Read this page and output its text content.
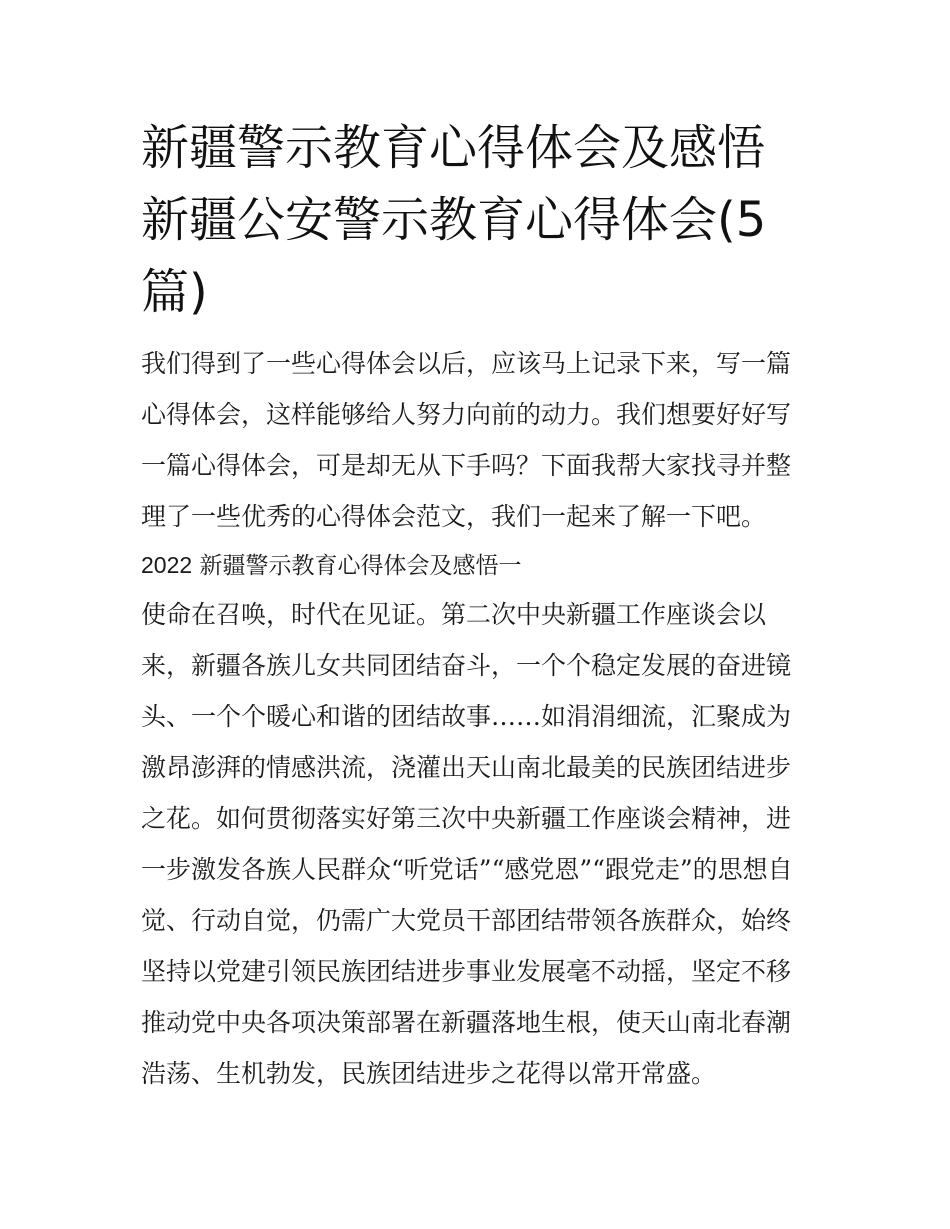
新疆警示教育心得体会及感悟
新疆公安警示教育心得体会(5
篇)

我们得到了一些心得体会以后，应该马上记录下来，写一篇心得体会，这样能够给人努力向前的动力。我们想要好好写一篇心得体会，可是却无从下手吗？下面我帮大家找寻并整理了一些优秀的心得体会范文，我们一起来了解一下吧。

2022 新疆警示教育心得体会及感悟一

使命在召唤，时代在见证。第二次中央新疆工作座谈会以来，新疆各族儿女共同团结奋斗，一个个稳定发展的奋进镜头、一个个暖心和谐的团结故事……如涓涓细流，汇聚成为激昂澎湃的情感洪流，浇灌出天山南北最美的民族团结进步之花。如何贯彻落实好第三次中央新疆工作座谈会精神，进一步激发各族人民群众“听党话”“感党恩”“跟党走”的思想自觉、行动自觉，仍需广大党员干部团结带领各族群众，始终坚持以党建引领民族团结进步事业发展毫不动摇，坚定不移推动党中央各项决策部署在新疆落地生根，使天山南北春潮浩荡、生机勃发，民族团结进步之花得以常开常盛。
